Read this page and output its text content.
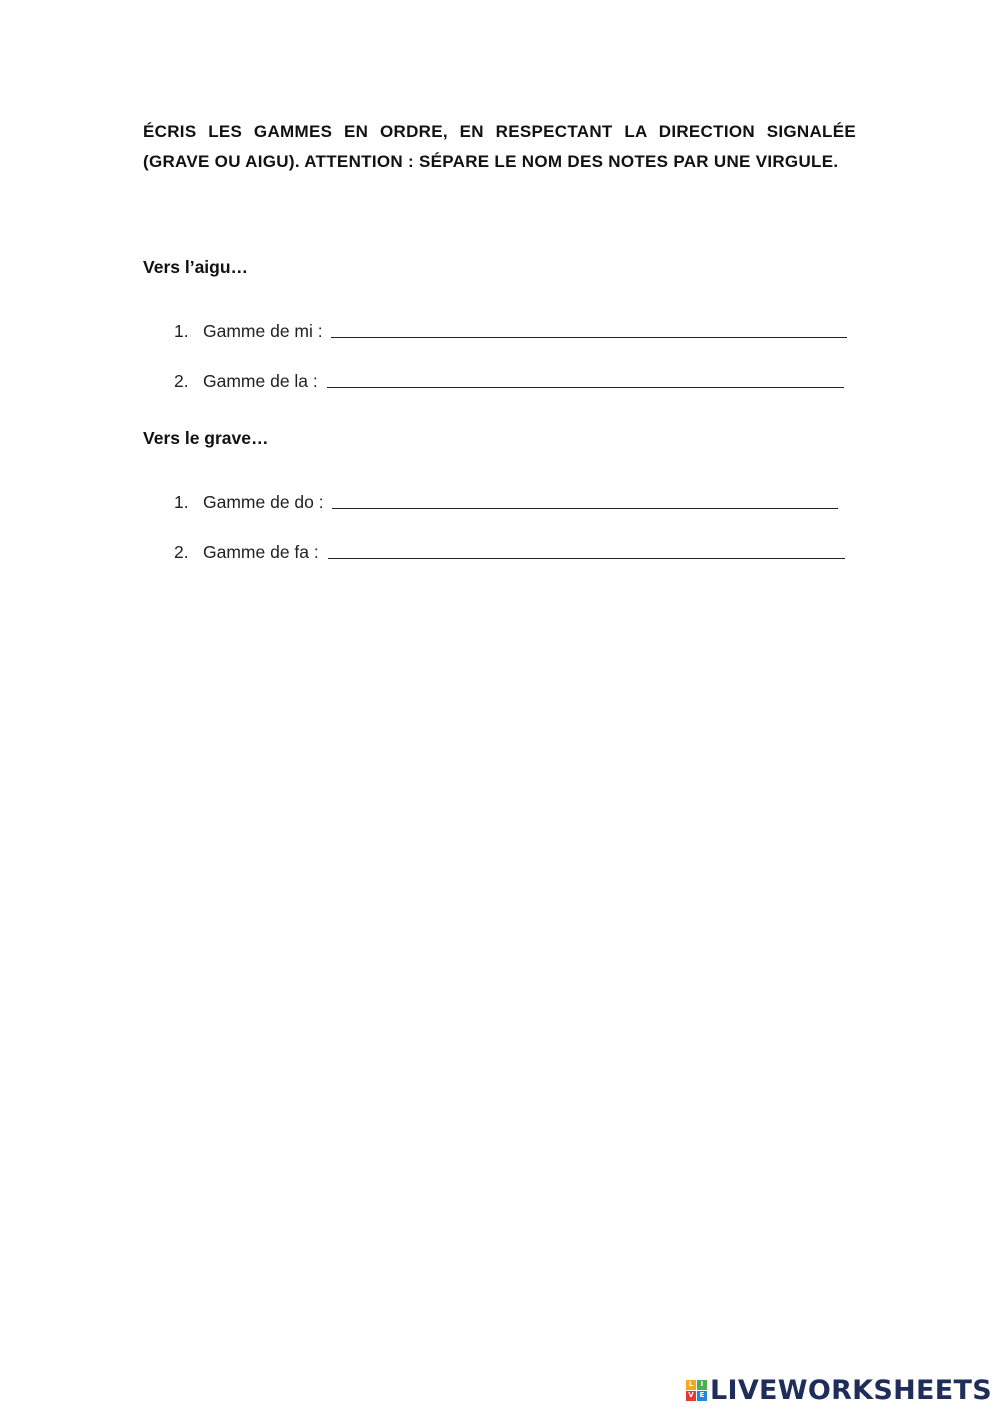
ÉCRIS LES GAMMES EN ORDRE, EN RESPECTANT LA DIRECTION SIGNALÉE (GRAVE OU AIGU). ATTENTION : SÉPARE LE NOM DES NOTES PAR UNE VIRGULE.

Vers l’aigu…
1. Gamme de mi :
2. Gamme de la :
Vers le grave…
1. Gamme de do :
2. Gamme de fa :
L	I
V E LIVEWORKSHEETS
